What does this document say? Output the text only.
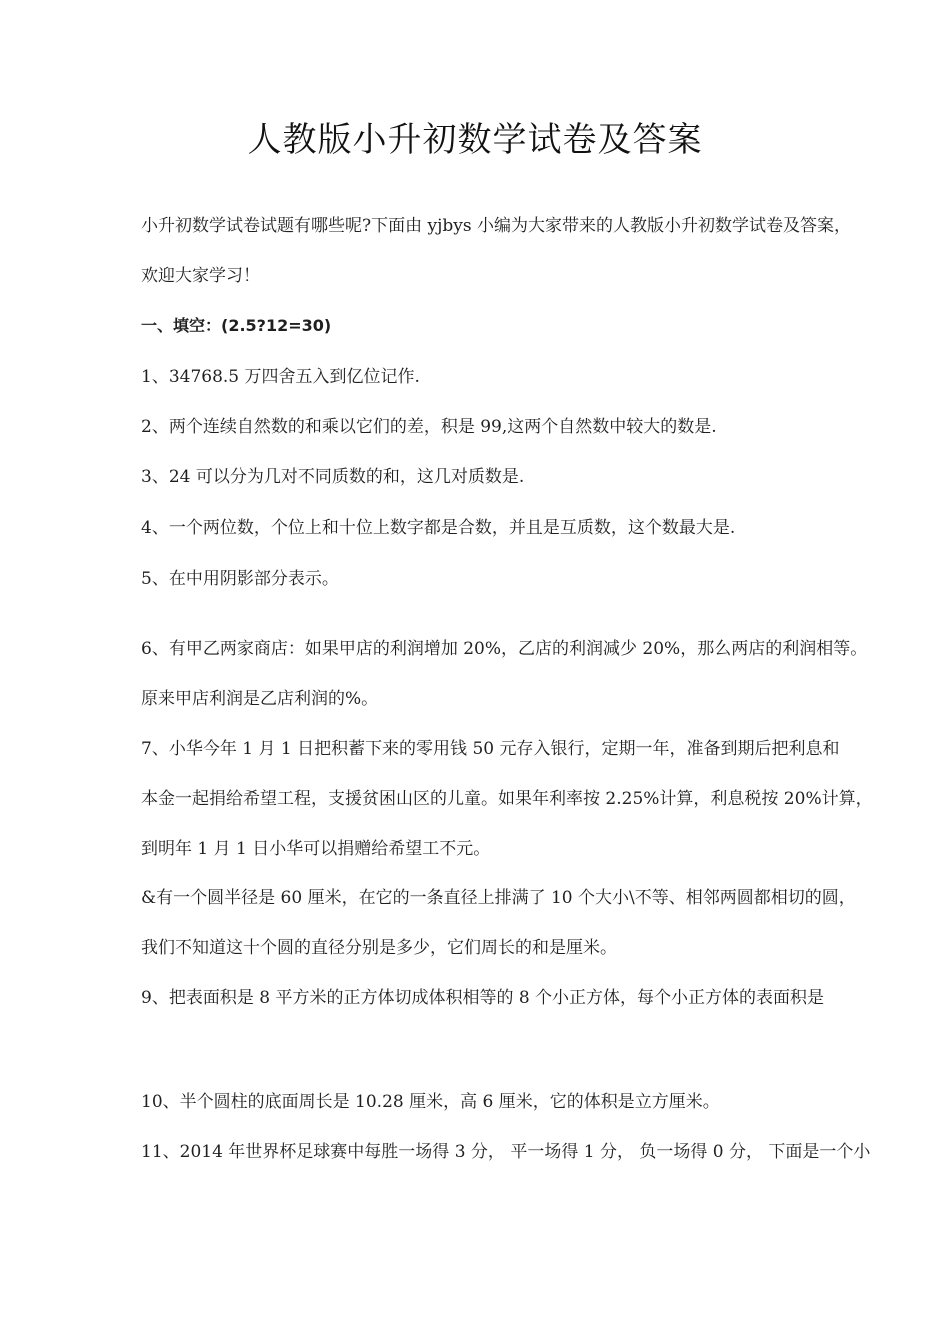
人教版小升初数学试卷及答案
小升初数学试卷试题有哪些呢?下面由 yjbys 小编为大家带来的人教版小升初数学试卷及答案，
欢迎大家学习！
一、填空：(2.5?12=30)
1、34768.5 万四舍五入到亿位记作.
2、两个连续自然数的和乘以它们的差，积是 99,这两个自然数中较大的数是.
3、24 可以分为几对不同质数的和，这几对质数是.
4、一个两位数，个位上和十位上数字都是合数，并且是互质数，这个数最大是.
5、在中用阴影部分表示。
6、有甲乙两家商店：如果甲店的利润增加 20%，乙店的利润减少 20%，那么两店的利润相等。
原来甲店利润是乙店利润的%。
7、小华今年 1 月 1 日把积蓄下来的零用钱 50 元存入银行，定期一年，准备到期后把利息和
本金一起捐给希望工程，支援贫困山区的儿童。如果年利率按 2.25%计算，利息税按 20%计算，
到明年 1 月 1 日小华可以捐赠给希望工不元。
&有一个圆半径是 60 厘米，在它的一条直径上排满了 10 个大小\不等、相邻两圆都相切的圆，
我们不知道这十个圆的直径分别是多少，它们周长的和是厘米。
9、把表面积是 8 平方米的正方体切成体积相等的 8 个小正方体，每个小正方体的表面积是
10、半个圆柱的底面周长是 10.28 厘米，高 6 厘米，它的体积是立方厘米。
11、2014 年世界杯足球赛中每胜一场得 3 分， 平一场得 1 分， 负一场得 0 分， 下面是一个小
